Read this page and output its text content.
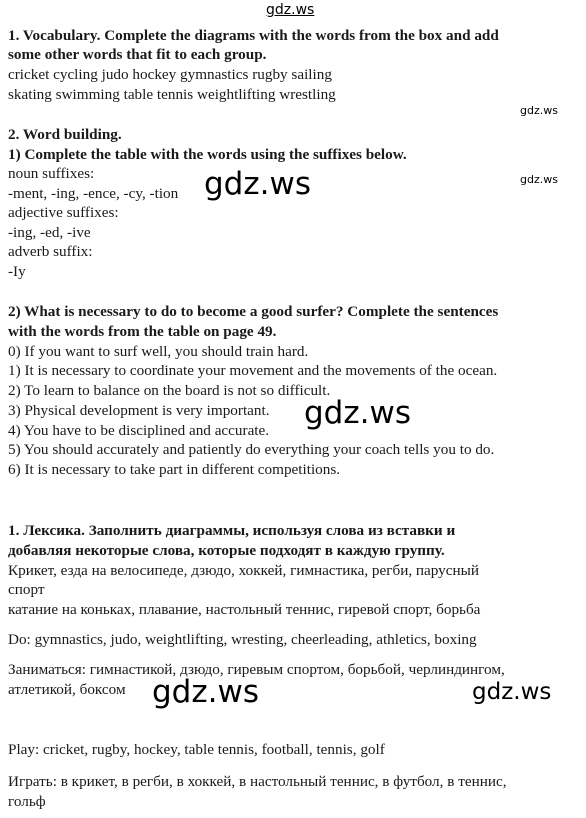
gdz.ws
gdz.ws
gdz.ws
1. Vocabulary. Complete the diagrams with the words from the box and add
some other words that fit to each group.
cricket cycling judo hockey gymnastics rugby sailing
skating swimming table tennis weightlifting wrestling
2. Word building.
1) Complete the table with the words using the suffixes below.
noun suffixes:
-ment, -ing, -ence, -cy, -tion
adjective suffixes:
-ing, -ed, -ive
adverb suffix:
-Iy
2) What is necessary to do to become a good surfer? Complete the sentences
with the words from the table on page 49.
0) If you want to surf well, you should train hard.
1) It is necessary to coordinate your movement and the movements of the ocean.
2) To learn to balance on the board is not so difficult.
3) Physical development is very important.
4) You have to be disciplined and accurate.
5) You should accurately and patiently do everything your coach tells you to do.
6) It is necessary to take part in different competitions.
1. Лексика. Заполнить диаграммы, используя слова из вставки и
добавляя некоторые слова, которые подходят в каждую группу.
Крикет, езда на велосипеде, дзюдо, хоккей, гимнастика, регби, парусный
спорт
катание на коньках, плавание, настольный теннис, гиревой спорт, борьба
Do: gymnastics, judo, weightlifting, wresting, cheerleading, athletics, boxing
Заниматься: гимнастикой, дзюдо, гиревым спортом, борьбой, черлиндингом,
атлетикой, боксом
Play: cricket, rugby, hockey, table tennis, football, tennis, golf
Играть: в крикет, в регби, в хоккей, в настольный теннис, в футбол, в теннис,
гольф
gdz.ws
gdz.ws
gdz.ws	gdz.ws
